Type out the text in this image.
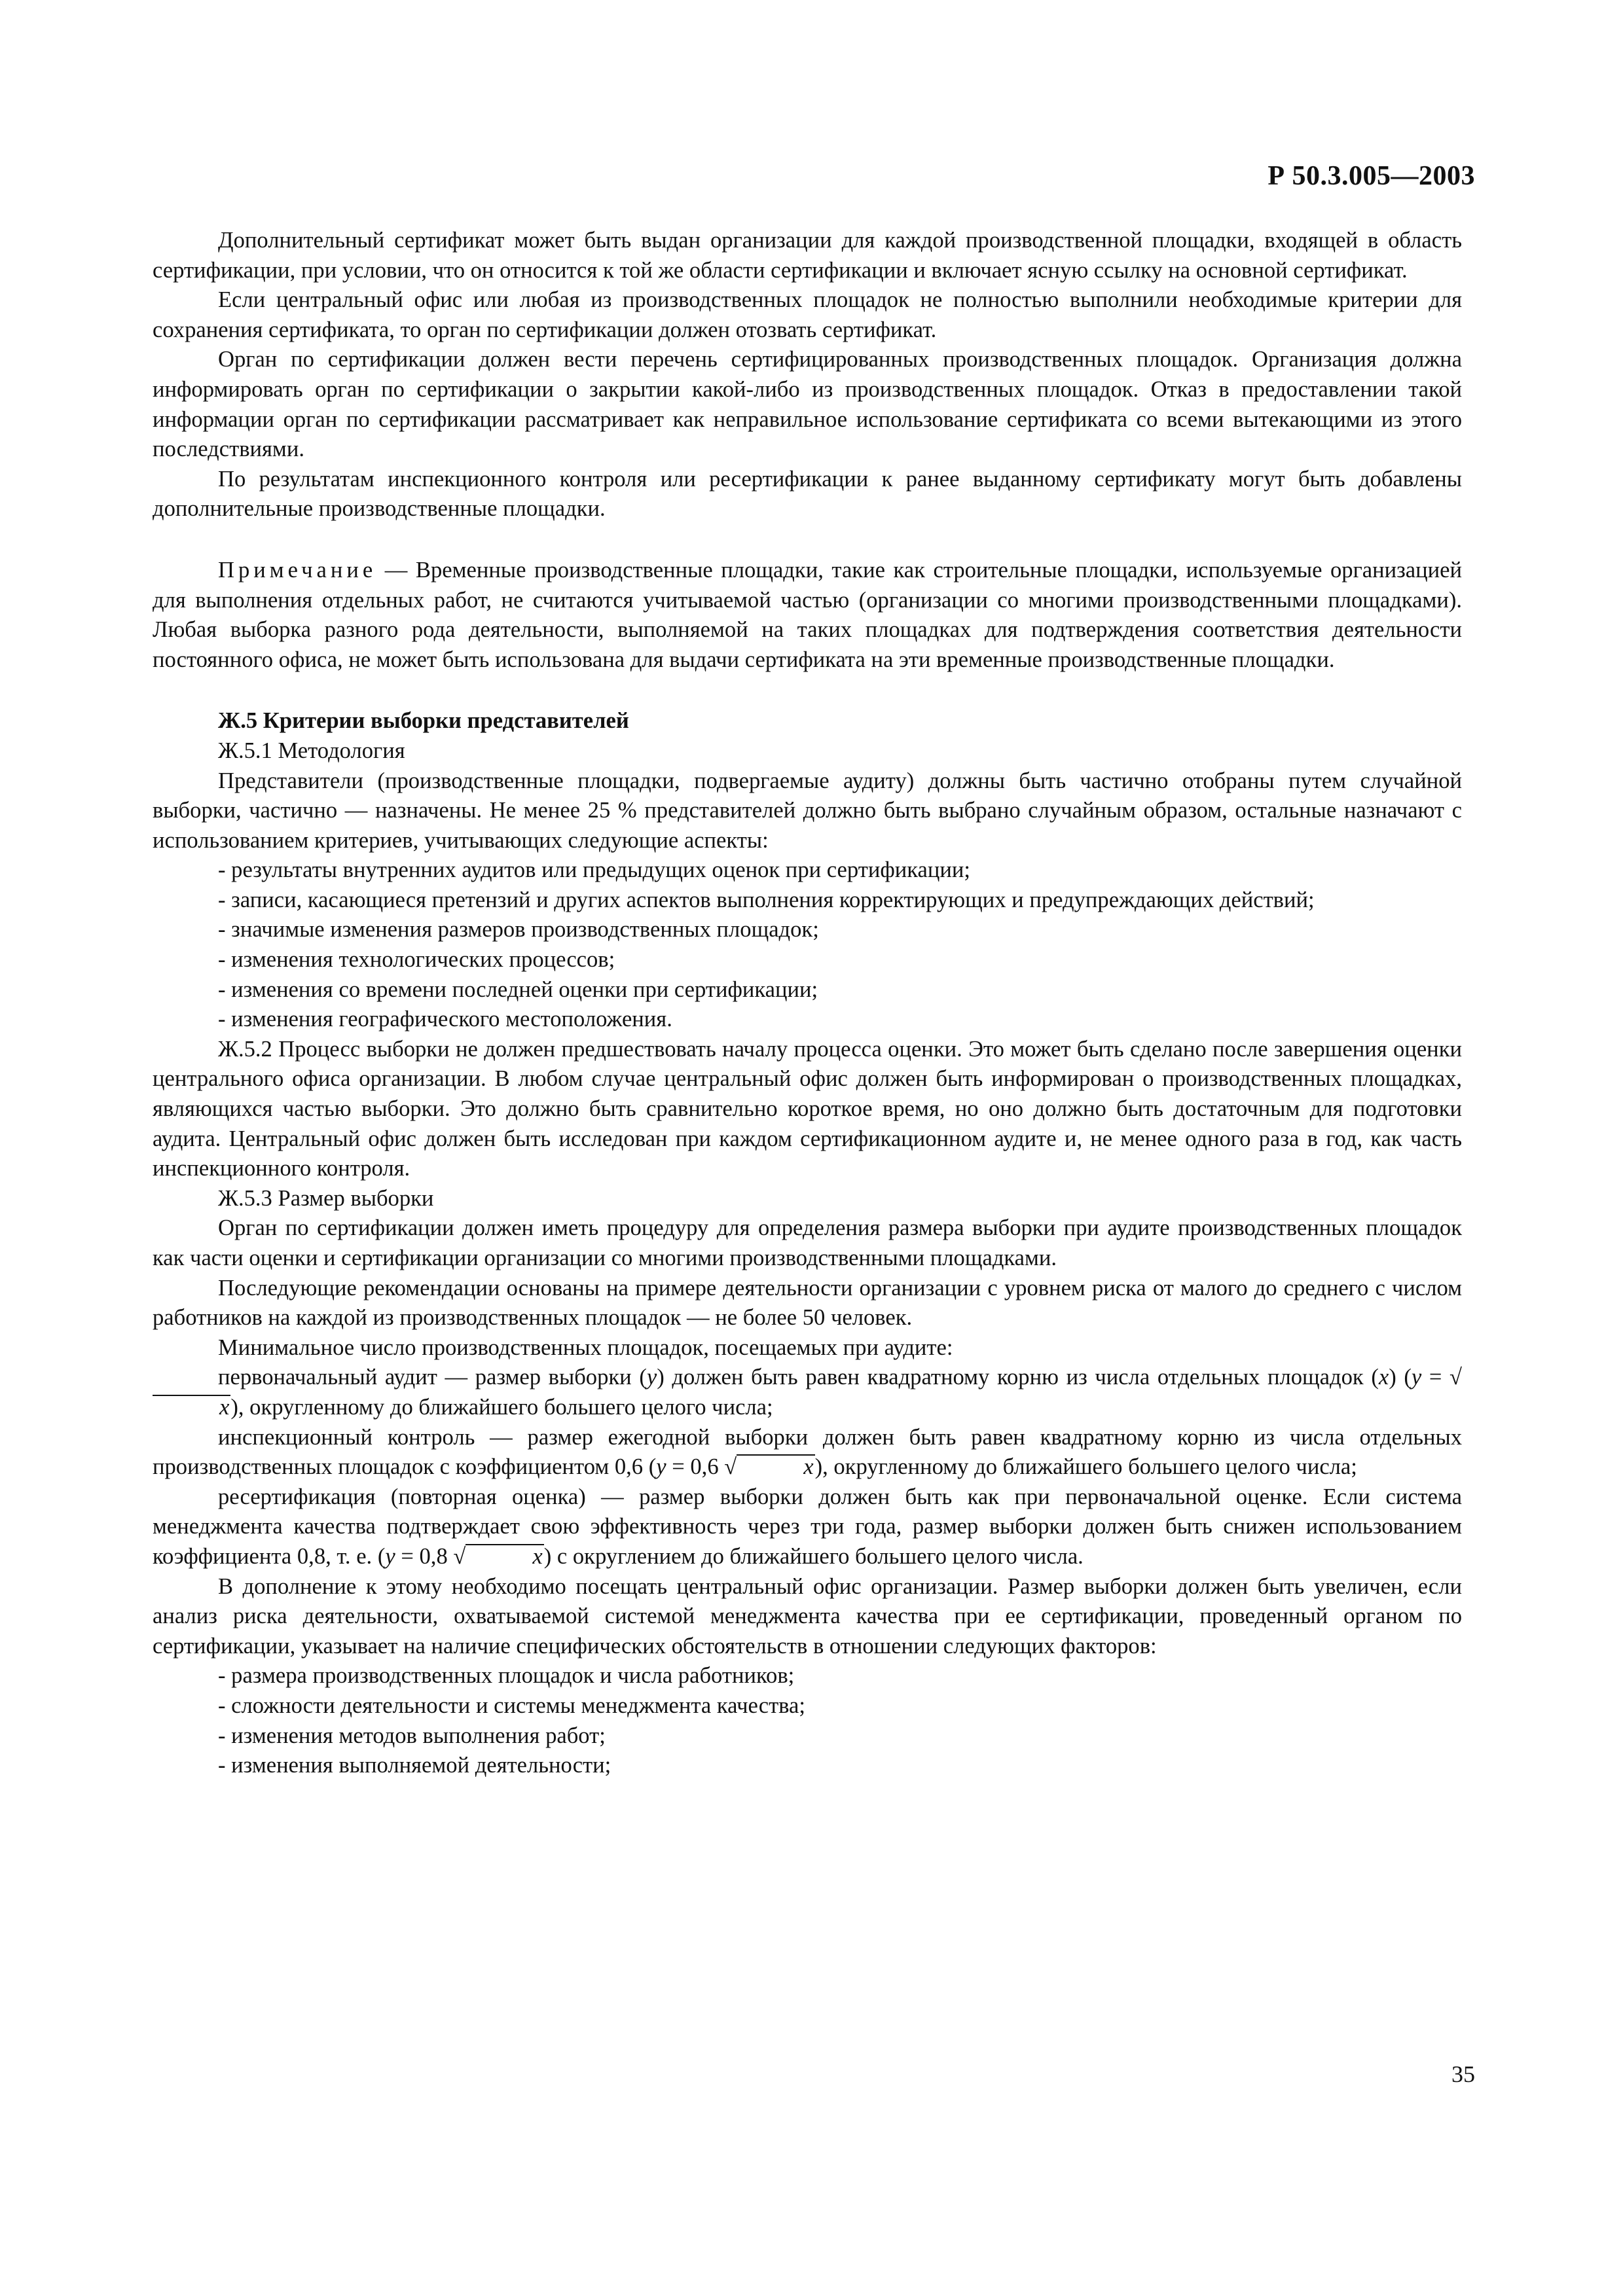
Р 50.3.005—2003

Дополнительный сертификат может быть выдан организации для каждой производственной площадки, входящей в область сертификации, при условии, что он относится к той же области сертификации и включает ясную ссылку на основной сертификат.

Если центральный офис или любая из производственных площадок не полностью выполнили необходимые критерии для сохранения сертификата, то орган по сертификации должен отозвать сертификат.

Орган по сертификации должен вести перечень сертифицированных производственных площадок. Организация должна информировать орган по сертификации о закрытии какой-либо из производственных площадок. Отказ в предоставлении такой информации орган по сертификации рассматривает как неправильное использование сертификата со всеми вытекающими из этого последствиями.

По результатам инспекционного контроля или ресертификации к ранее выданному сертификату могут быть добавлены дополнительные производственные площадки.

Примечание — Временные производственные площадки, такие как строительные площадки, используемые организацией для выполнения отдельных работ, не считаются учитываемой частью (организации со многими производственными площадками). Любая выборка разного рода деятельности, выполняемой на таких площадках для подтверждения соответствия деятельности постоянного офиса, не может быть использована для выдачи сертификата на эти временные производственные площадки.

Ж.5 Критерии выборки представителей

Ж.5.1 Методология

Представители (производственные площадки, подвергаемые аудиту) должны быть частично отобраны путем случайной выборки, частично — назначены. Не менее 25 % представителей должно быть выбрано случайным образом, остальные назначают с использованием критериев, учитывающих следующие аспекты:

- результаты внутренних аудитов или предыдущих оценок при сертификации;
- записи, касающиеся претензий и других аспектов выполнения корректирующих и предупреждающих действий;
- значимые изменения размеров производственных площадок;
- изменения технологических процессов;
- изменения со времени последней оценки при сертификации;
- изменения географического местоположения.

Ж.5.2 Процесс выборки не должен предшествовать началу процесса оценки. Это может быть сделано после завершения оценки центрального офиса организации. В любом случае центральный офис должен быть информирован о производственных площадках, являющихся частью выборки. Это должно быть сравнительно короткое время, но оно должно быть достаточным для подготовки аудита. Центральный офис должен быть исследован при каждом сертификационном аудите и, не менее одного раза в год, как часть инспекционного контроля.

Ж.5.3 Размер выборки

Орган по сертификации должен иметь процедуру для определения размера выборки при аудите производственных площадок как части оценки и сертификации организации со многими производственными площадками.

Последующие рекомендации основаны на примере деятельности организации с уровнем риска от малого до среднего с числом работников на каждой из производственных площадок — не более 50 человек.

Минимальное число производственных площадок, посещаемых при аудите:

первоначальный аудит — размер выборки (y) должен быть равен квадратному корню из числа отдельных площадок (x) (y = √x), округленному до ближайшего большего целого числа;

инспекционный контроль — размер ежегодной выборки должен быть равен квадратному корню из числа отдельных производственных площадок с коэффициентом 0,6 (y = 0,6 √	x), округленному до ближайшего большего целого числа;

ресертификация (повторная оценка) — размер выборки должен быть как при первоначальной оценке. Если система менеджмента качества подтверждает свою эффективность через три года, размер выборки должен быть снижен использованием коэффициента 0,8, т. е. (y = 0,8 √	x) с округлением до ближайшего большего целого числа.

В дополнение к этому необходимо посещать центральный офис организации. Размер выборки должен быть увеличен, если анализ риска деятельности, охватываемой системой менеджмента качества при ее сертификации, проведенный органом по сертификации, указывает на наличие специфических обстоятельств в отношении следующих факторов:

- размера производственных площадок и числа работников;
- сложности деятельности и системы менеджмента качества;
- изменения методов выполнения работ;
- изменения выполняемой деятельности;
35
